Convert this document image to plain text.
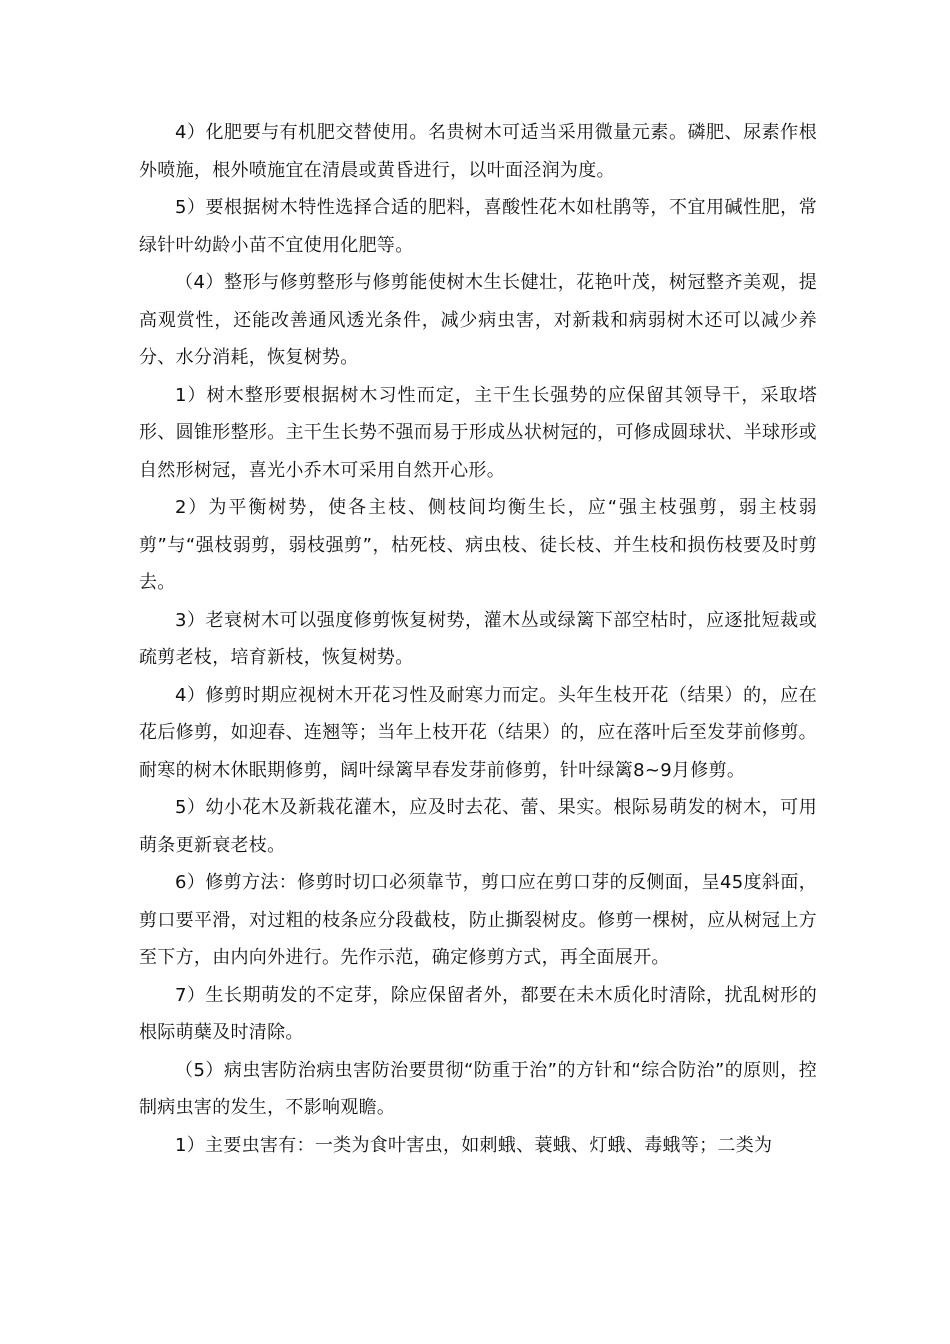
4）化肥要与有机肥交替使用。名贵树木可适当采用微量元素。磷肥、尿素作根外喷施，根外喷施宜在清晨或黄昏进行，以叶面泾润为度。

5）要根据树木特性选择合适的肥料，喜酸性花木如杜鹃等，不宜用碱性肥，常绿针叶幼龄小苗不宜使用化肥等。

（4）整形与修剪整形与修剪能使树木生长健壮，花艳叶茂，树冠整齐美观，提高观赏性，还能改善通风透光条件，减少病虫害，对新栽和病弱树木还可以减少养分、水分消耗，恢复树势。

1）树木整形要根据树木习性而定，主干生长强势的应保留其领导干，采取塔形、圆锥形整形。主干生长势不强而易于形成丛状树冠的，可修成圆球状、半球形或自然形树冠，喜光小乔木可采用自然开心形。

2）为平衡树势，使各主枝、侧枝间均衡生长，应“强主枝强剪，弱主枝弱剪”与“强枝弱剪，弱枝强剪”，枯死枝、病虫枝、徒长枝、并生枝和损伤枝要及时剪去。

3）老衰树木可以强度修剪恢复树势，灌木丛或绿篱下部空枯时，应逐批短裁或疏剪老枝，培育新枝，恢复树势。

4）修剪时期应视树木开花习性及耐寒力而定。头年生枝开花（结果）的，应在花后修剪，如迎春、连翘等；当年上枝开花（结果）的，应在落叶后至发芽前修剪。耐寒的树木休眠期修剪，阔叶绿篱早春发芽前修剪，针叶绿篱8~9月修剪。

5）幼小花木及新栽花灌木，应及时去花、蕾、果实。根际易萌发的树木，可用萌条更新衰老枝。

6）修剪方法：修剪时切口必须靠节，剪口应在剪口芽的反侧面，呈45度斜面，剪口要平滑，对过粗的枝条应分段截枝，防止撕裂树皮。修剪一棵树，应从树冠上方至下方，由内向外进行。先作示范，确定修剪方式，再全面展开。

7）生长期萌发的不定芽，除应保留者外，都要在未木质化时清除，扰乱树形的根际萌蘖及时清除。

（5）病虫害防治病虫害防治要贯彻“防重于治”的方针和“综合防治”的原则，控制病虫害的发生，不影响观瞻。

1）主要虫害有：一类为食叶害虫，如刺蛾、蓑蛾、灯蛾、毒蛾等；二类为
